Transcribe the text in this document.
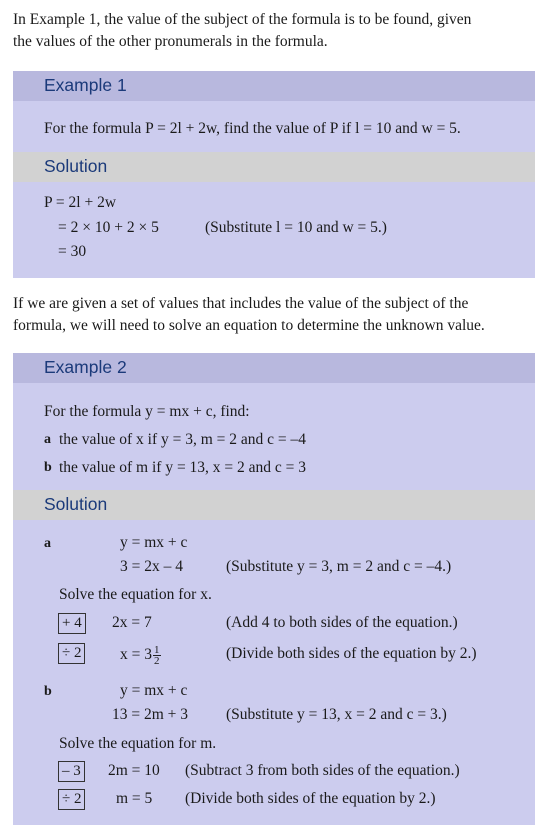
In Example 1, the value of the subject of the formula is to be found, given
the values of the other pronumerals in the formula.
Example 1
For the formula P = 2l + 2w, find the value of P if l = 10 and w = 5.
Solution
P = 2l + 2w
= 2 × 10 + 2 × 5	(Substitute l = 10 and w = 5.)
= 30
If we are given a set of values that includes the value of the subject of the
formula, we will need to solve an equation to determine the unknown value.
Example 2
For the formula y = mx + c, find:
a the value of x if y = 3, m = 2 and c = –4
b the value of m if y = 13, x = 2 and c = 3
Solution
a	y = mx + c
3 = 2x – 4	(Substitute y = 3, m = 2 and c = –4.)
Solve the equation for x.
+ 4 2x = 7	(Add 4 to both sides of the equation.)
÷ 2 $x = 3 \frac{1}{2}$	(Divide both sides of the equation by 2.)
b	y = mx + c
13 = 2m + 3 (Substitute y = 13, x = 2 and c = 3.)
Solve the equation for m.
– 3 2m = 10 (Subtract 3 from both sides of the equation.)
÷ 2 m = 5 (Divide both sides of the equation by 2.)
